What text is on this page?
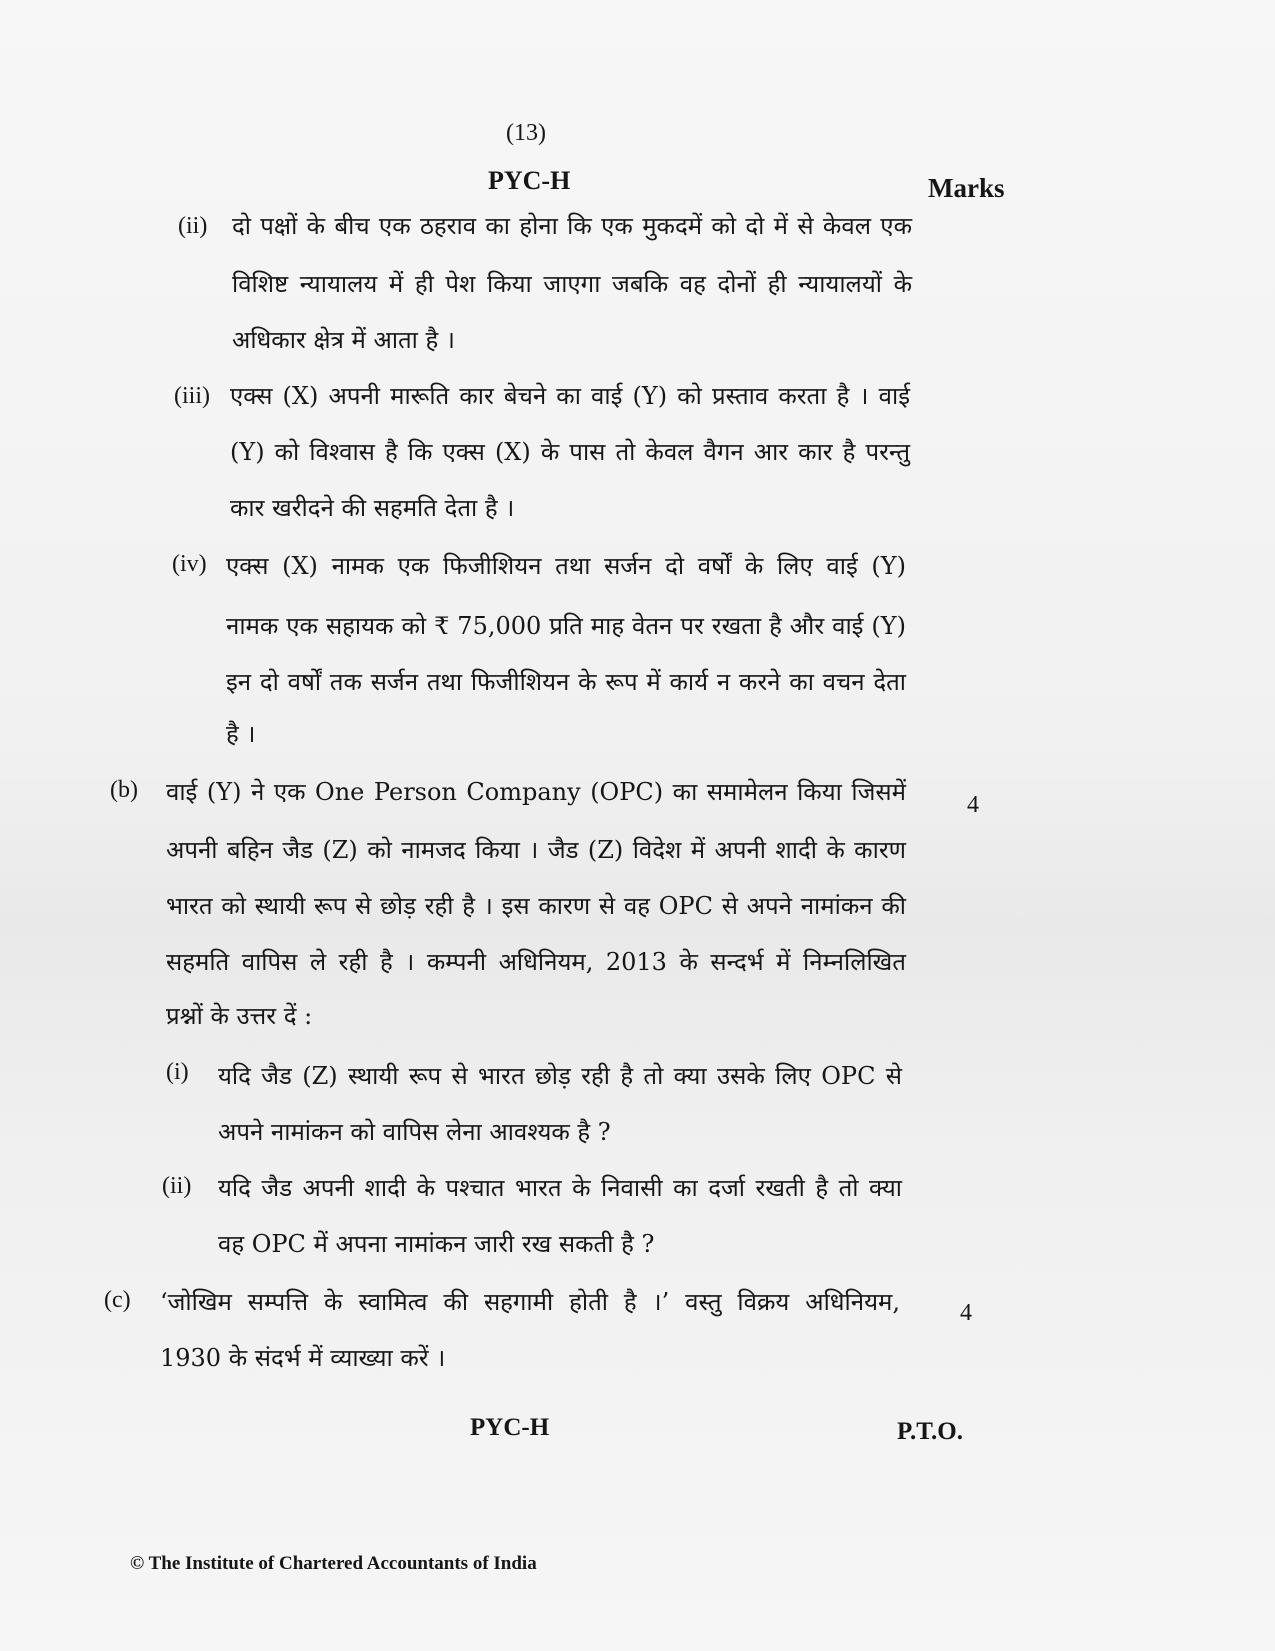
(13)
PYC-H	Marks
(ii) दो पक्षों के बीच एक ठहराव का होना कि एक मुकदमें को दो में से केवल एक
विशिष्ट न्यायालय में ही पेश किया जाएगा जबकि वह दोनों ही न्यायालयों के
अधिकार क्षेत्र में आता है ।
(iii) एक्स (X) अपनी मारूति कार बेचने का वाई (Y) को प्रस्ताव करता है । वाई
(Y) को विश्वास है कि एक्स (X) के पास तो केवल वैगन आर कार है परन्तु
कार खरीदने की सहमति देता है ।
(iv) एक्स (X) नामक एक फिजीशियन तथा सर्जन दो वर्षों के लिए वाई (Y)
नामक एक सहायक को ₹ 75,000 प्रति माह वेतन पर रखता है और वाई (Y)
इन दो वर्षों तक सर्जन तथा फिजीशियन के रूप में कार्य न करने का वचन देता
है ।
(b)
4
वाई (Y) ने एक One Person Company (OPC) का समामेलन किया जिसमें
अपनी बहिन जैड (Z) को नामजद किया । जैड (Z) विदेश में अपनी शादी के कारण
भारत को स्थायी रूप से छोड़ रही है । इस कारण से वह OPC से अपने नामांकन की
सहमति वापिस ले रही है । कम्पनी अधिनियम, 2013 के सन्दर्भ में निम्नलिखित
प्रश्नों के उत्तर दें :
(i) यदि जैड (Z) स्थायी रूप से भारत छोड़ रही है तो क्या उसके लिए OPC से
अपने नामांकन को वापिस लेना आवश्यक है ?
(ii) यदि जैड अपनी शादी के पश्चात भारत के निवासी का दर्जा रखती है तो क्या
वह OPC में अपना नामांकन जारी रख सकती है ?
(c)	4
‘जोखिम सम्पत्ति के स्वामित्व की सहगामी होती है ।’ वस्तु विक्रय अधिनियम,
1930 के संदर्भ में व्याख्या करें ।
PYC-H	P.T.O.
© The Institute of Chartered Accountants of India
